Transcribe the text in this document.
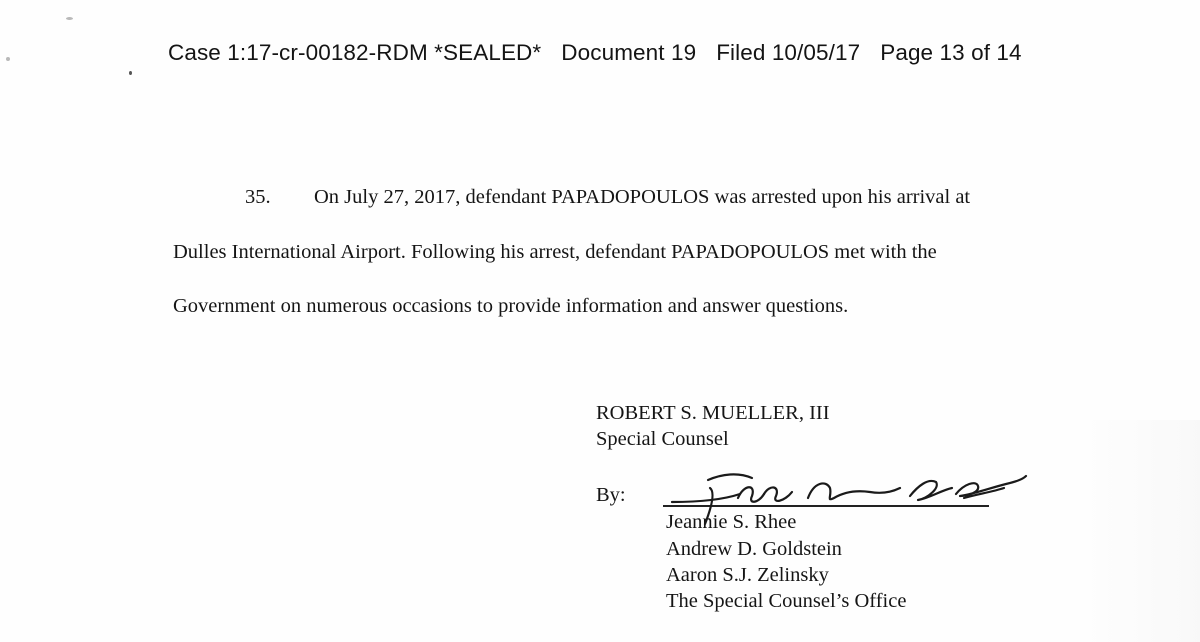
Case 1:17-cr-00182-RDM *SEALED* Document 19 Filed 10/05/17 Page 13 of 14
35. On July 27, 2017, defendant PAPADOPOULOS was arrested upon his arrival at
Dulles International Airport. Following his arrest, defendant PAPADOPOULOS met with the
Government on numerous occasions to provide information and answer questions.
ROBERT S. MUELLER, III
Special Counsel
By:
Jeannie S. Rhee
Andrew D. Goldstein
Aaron S.J. Zelinsky
The Special Counsel’s Office
